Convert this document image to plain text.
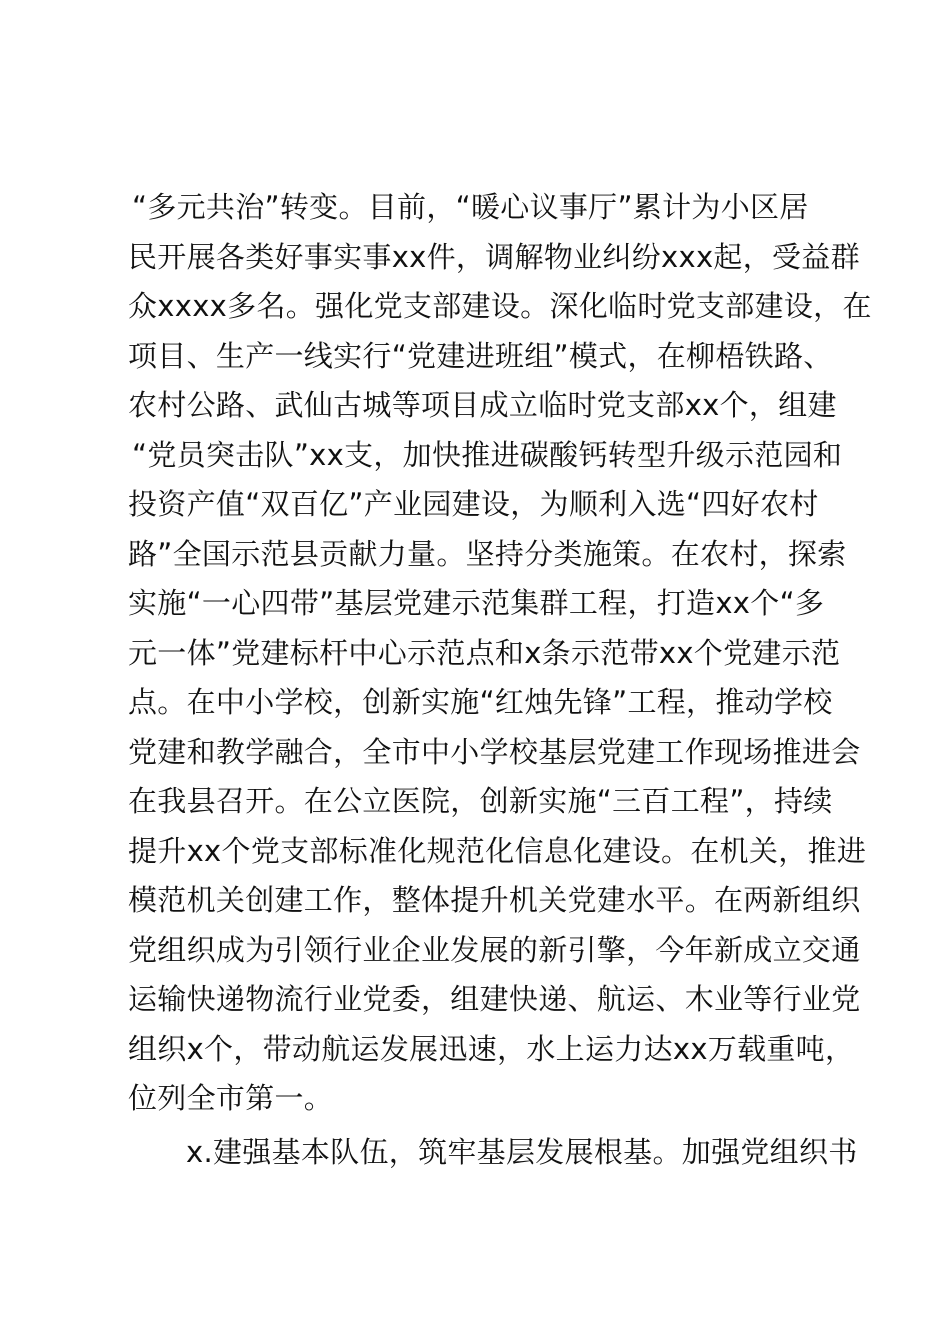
“多元共治”转变。目前，“暖心议事厅”累计为小区居
民开展各类好事实事xx件，调解物业纠纷xxx起，受益群
众xxxx多名。强化党支部建设。深化临时党支部建设，在
项目、生产一线实行“党建进班组”模式，在柳梧铁路、
农村公路、武仙古城等项目成立临时党支部xx个，组建
“党员突击队”xx支，加快推进碳酸钙转型升级示范园和
投资产值“双百亿”产业园建设，为顺利入选“四好农村
路”全国示范县贡献力量。坚持分类施策。在农村，探索
实施“一心四带”基层党建示范集群工程，打造xx个“多
元一体”党建标杆中心示范点和x条示范带xx个党建示范
点。在中小学校，创新实施“红烛先锋”工程，推动学校
党建和教学融合，全市中小学校基层党建工作现场推进会
在我县召开。在公立医院，创新实施“三百工程”，持续
提升xx个党支部标准化规范化信息化建设。在机关，推进
模范机关创建工作，整体提升机关党建水平。在两新组织
党组织成为引领行业企业发展的新引擎，今年新成立交通
运输快递物流行业党委，组建快递、航运、木业等行业党
组织x个，带动航运发展迅速，水上运力达xx万载重吨，
位列全市第一。
x.建强基本队伍，筑牢基层发展根基。加强党组织书
